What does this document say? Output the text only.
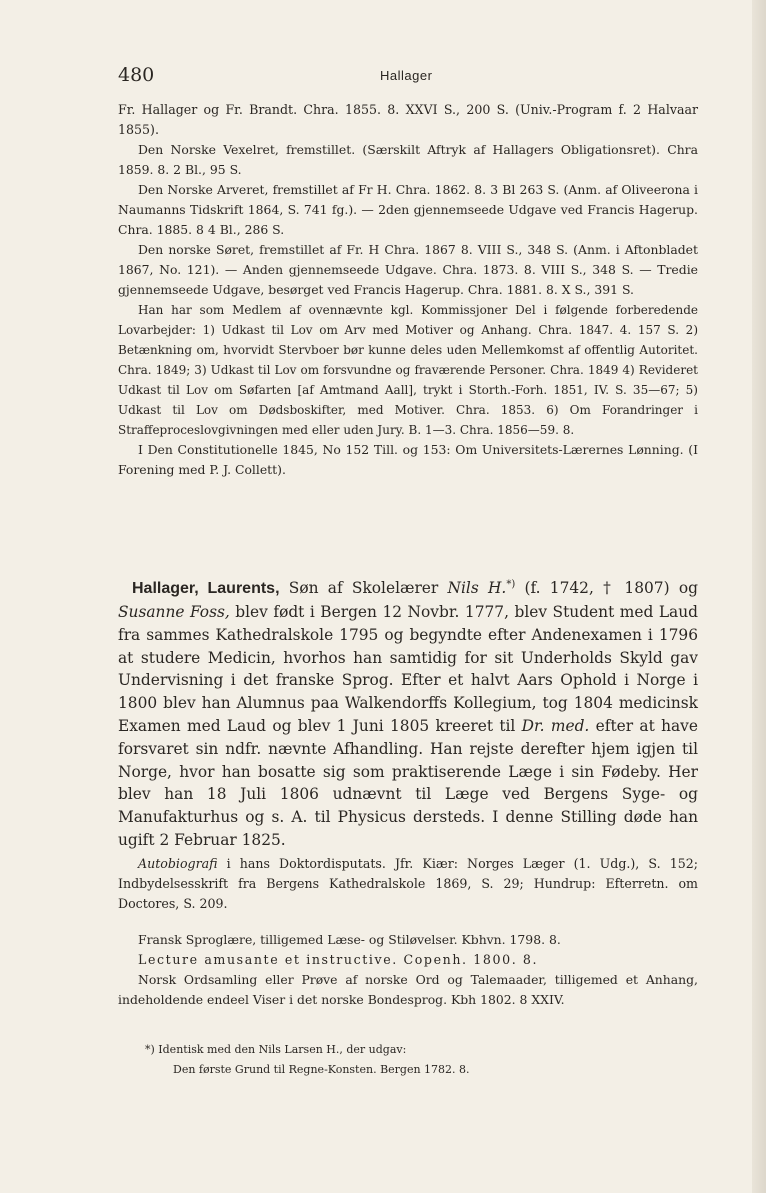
480	Hallager

Fr. Hallager og Fr. Brandt. Chra. 1855. 8. XXVI S., 200 S. (Univ.-Program f. 2 Halvaar 1855).

Den Norske Vexelret, fremstillet. (Særskilt Aftryk af Hallagers Obligationsret). Chra 1859. 8. 2 Bl., 95 S.

Den Norske Arveret, fremstillet af Fr H. Chra. 1862. 8. 3 Bl 263 S. (Anm. af Oliveerona i Naumanns Tidskrift 1864, S. 741 fg.). — 2den gjennemseede Udgave ved Francis Hagerup. Chra. 1885. 8 4 Bl., 286 S.

Den norske Søret, fremstillet af Fr. H Chra. 1867 8. VIII S., 348 S. (Anm. i Aftonbladet 1867, No. 121). — Anden gjennemseede Udgave. Chra. 1873. 8. VIII S., 348 S. — Tredie gjennemseede Udgave, besørget ved Francis Hagerup. Chra. 1881. 8. X S., 391 S.

Han har som Medlem af ovennævnte kgl. Kommissjoner Del i følgende forberedende Lovarbejder: 1) Udkast til Lov om Arv med Motiver og Anhang. Chra. 1847. 4. 157 S. 2) Betænkning om, hvorvidt Stervboer bør kunne deles uden Mellemkomst af offentlig Autoritet. Chra. 1849; 3) Udkast til Lov om forsvundne og fraværende Personer. Chra. 1849 4) Revideret Udkast til Lov om Søfarten [af Amtmand Aall], trykt i Storth.-Forh. 1851, IV. S. 35—67; 5) Udkast til Lov om Dødsboskifter, med Motiver. Chra. 1853. 6) Om Forandringer i Straffeproceslovgivningen med eller uden Jury. B. 1—3. Chra. 1856—59. 8.

I Den Constitutionelle 1845, No 152 Till. og 153: Om Universitets-Lærernes Lønning. (I Forening med P. J. Collett).

Hallager, Laurents, Søn af Skolelærer Nils H.*) (f. 1742, † 1807) og Susanne Foss, blev født i Bergen 12 Novbr. 1777, blev Student med Laud fra sammes Kathedralskole 1795 og begyndte efter Andenexamen i 1796 at studere Medicin, hvorhos han samtidig for sit Underholds Skyld gav Undervisning i det franske Sprog. Efter et halvt Aars Ophold i Norge i 1800 blev han Alumnus paa Walkendorffs Kollegium, tog 1804 medicinsk Examen med Laud og blev 1 Juni 1805 kreeret til Dr. med. efter at have forsvaret sin ndfr. nævnte Afhandling. Han rejste derefter hjem igjen til Norge, hvor han bosatte sig som praktiserende Læge i sin Fødeby. Her blev han 18 Juli 1806 udnævnt til Læge ved Bergens Syge- og Manufakturhus og s. A. til Physicus dersteds. I denne Stilling døde han ugift 2 Februar 1825.

Autobiografi i hans Doktordisputats. Jfr. Kiær: Norges Læger (1. Udg.), S. 152; Indbydelsesskrift fra Bergens Kathedralskole 1869, S. 29; Hundrup: Efterretn. om Doctores, S. 209.

Fransk Sproglære, tilligemed Læse- og Stiløvelser. Kbhvn. 1798. 8.

Lecture amusante et instructive. Copenh. 1800. 8.

Norsk Ordsamling eller Prøve af norske Ord og Talemaader, tilligemed et Anhang, indeholdende endeel Viser i det norske Bondesprog. Kbh 1802. 8 XXIV.

*) Identisk med den Nils Larsen H., der udgav:
Den første Grund til Regne-Konsten. Bergen 1782. 8.
